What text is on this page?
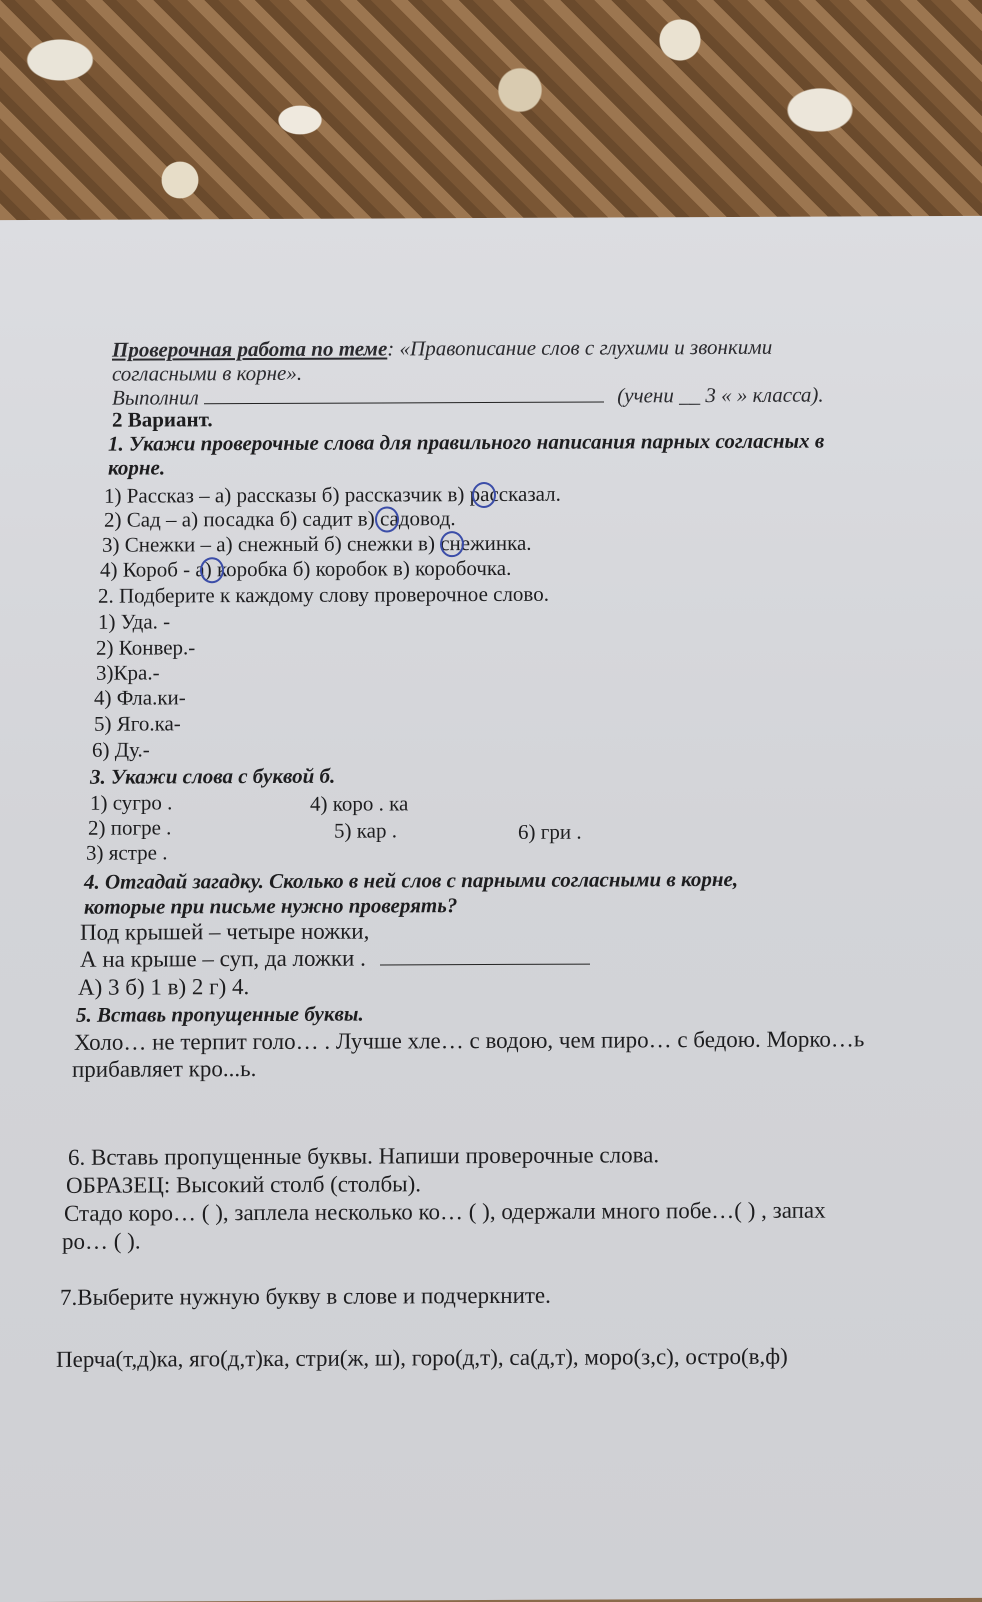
Проверочная работа по теме: «Правописание слов с глухими и звонкими
согласными в корне».
Выполнил	(учени __ 3 « » класса).
2 Вариант.
1. Укажи проверочные слова для правильного написания парных согласных в
корне.
1) Рассказ – а) рассказы б) рассказчик в) рассказал.
2) Сад – а) посадка б) садит в) садовод.
3) Снежки – а) снежный б) снежки в) снежинка.
4) Короб - а) коробка б) коробок в) коробочка.
2. Подберите к каждому слову проверочное слово.
1) Уда. -
2) Конвер.-
3)Кра.-
4) Фла.ки-
5) Яго.ка-
6) Ду.-
3. Укажи слова с буквой б.
1) сугро .
2) погре .
3) ястре .
4) коро . ка
5) кар .	6) гри .
4. Отгадай загадку. Сколько в ней слов с парными согласными в корне,
которые при письме нужно проверять?
Под крышей – четыре ножки,
А на крыше – суп, да ложки .
А) 3 б) 1 в) 2 г) 4.
5. Вставь пропущенные буквы.
Холо… не терпит голо… . Лучше хле… с водою, чем пиро… с бедою. Морко…ь
прибавляет кро...ь.
6. Вставь пропущенные буквы. Напиши проверочные слова.
ОБРАЗЕЦ: Высокий столб (столбы).
Стадо коро… ( ), заплела несколько ко… ( ), одержали много побе…( ) , запах
ро… ( ).
7.Выберите нужную букву в слове и подчеркните.
Перча(т,д)ка, яго(д,т)ка, стри(ж, ш), горо(д,т), са(д,т), моро(з,с), остро(в,ф)
